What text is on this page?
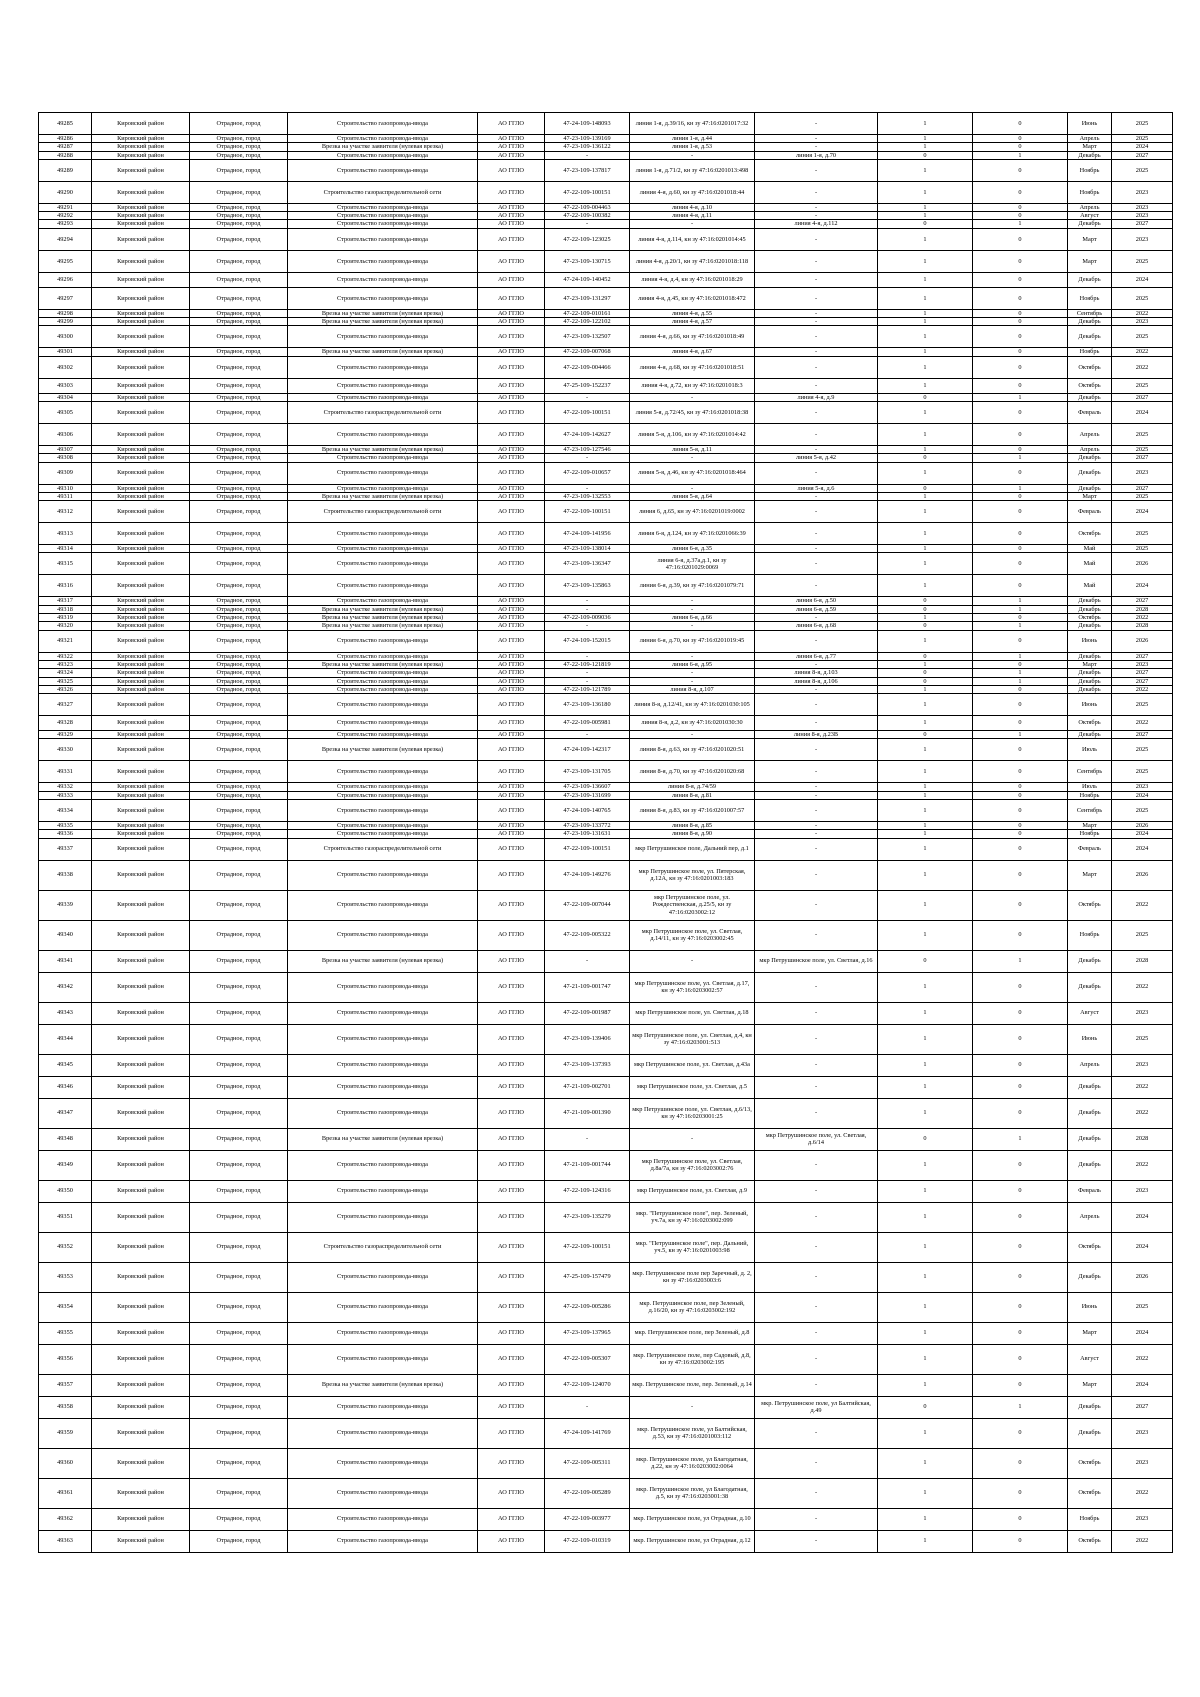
49285	Кировский район	Отрадное, город	Строительство газопровода-ввода	АО ГГЛО	47-24-109-148093	линия 1-я, д.39/16, кн зу 47:16:0201017:32	-	1	0	Июнь	2025
49286	Кировский район	Отрадное, город	Строительство газопровода-ввода	АО ГГЛО	47-23-109-139169	линия 1-я, д.44	-	1	0	Апрель	2025
49287	Кировский район	Отрадное, город	Врезка на участке заявителя (нулевая врезка)	АО ГГЛО	47-23-109-136122	линия 1-я, д.53	-	1	0	Март	2024
49288	Кировский район	Отрадное, город	Строительство газопровода-ввода	АО ГГЛО	-	-	линия 1-я, д.70	0	1	Декабрь	2027
49289	Кировский район	Отрадное, город	Строительство газопровода-ввода	АО ГГЛО	47-23-109-137817	линия 1-я, д.71/2, кн зу 47:16:0201013:498	-	1	0	Ноябрь	2025
49290	Кировский район	Отрадное, город	Строительство газораспределительной сети	АО ГГЛО	47-22-109-100151	линия 4-я, д.60, кн зу 47:16:0201018:44	-	1	0	Ноябрь	2023
49291	Кировский район	Отрадное, город	Строительство газопровода-ввода	АО ГГЛО	47-22-109-004463	линия 4-я, д.10	-	1	0	Апрель	2023
49292	Кировский район	Отрадное, город	Строительство газопровода-ввода	АО ГГЛО	47-22-109-100382	линия 4-я, д.11	-	1	0	Август	2023
49293	Кировский район	Отрадное, город	Строительство газопровода-ввода	АО ГГЛО	-	-	линия 4-я, д.112	0	1	Декабрь	2027
49294	Кировский район	Отрадное, город	Строительство газопровода-ввода	АО ГГЛО	47-22-109-123025	линия 4-я, д.114, кн зу 47:16:0201014:45	-	1	0	Март	2023
49295	Кировский район	Отрадное, город	Строительство газопровода-ввода	АО ГГЛО	47-23-109-130715	линия 4-я, д.20/1, кн зу 47:16:0201018:118	-	1	0	Март	2025
49296	Кировский район	Отрадное, город	Строительство газопровода-ввода	АО ГГЛО	47-24-109-140452	линия 4-я, д.4, кн зу 47:16:0201018:29	-	1	0	Декабрь	2024
49297	Кировский район	Отрадное, город	Строительство газопровода-ввода	АО ГГЛО	47-23-109-131297	линия 4-я, д.45, кн зу 47:16:0201018:472	-	1	0	Ноябрь	2025
49298	Кировский район	Отрадное, город	Врезка на участке заявителя (нулевая врезка)	АО ГГЛО	47-22-109-010161	линия 4-я, д.55	-	1	0	Сентябрь	2022
49299	Кировский район	Отрадное, город	Врезка на участке заявителя (нулевая врезка)	АО ГГЛО	47-22-109-122102	линия 4-я, д.57	-	1	0	Декабрь	2023
49300	Кировский район	Отрадное, город	Строительство газопровода-ввода	АО ГГЛО	47-23-109-132507	линия 4-я, д.66, кн зу 47:16:0201018:49	-	1	0	Декабрь	2025
49301	Кировский район	Отрадное, город	Врезка на участке заявителя (нулевая врезка)	АО ГГЛО	47-22-109-007068	линия 4-я, д.67	-	1	0	Ноябрь	2022
49302	Кировский район	Отрадное, город	Строительство газопровода-ввода	АО ГГЛО	47-22-109-004466	линия 4-я, д.68, кн зу 47:16:0201018:51	-	1	0	Октябрь	2022
49303	Кировский район	Отрадное, город	Строительство газопровода-ввода	АО ГГЛО	47-25-109-152237	линия 4-я, д.72, кн зу 47:16:0201018:3	-	1	0	Октябрь	2025
49304	Кировский район	Отрадное, город	Строительство газопровода-ввода	АО ГГЛО	-	-	линия 4-я, д.9	0	1	Декабрь	2027
49305	Кировский район	Отрадное, город	Строительство газораспределительной сети	АО ГГЛО	47-22-109-100151	линия 5-я, д.72/45, кн зу 47:16:0201018:38	-	1	0	Февраль	2024
49306	Кировский район	Отрадное, город	Строительство газопровода-ввода	АО ГГЛО	47-24-109-142627	линия 5-я, д.106, кн зу 47:16:0201014:42	-	1	0	Апрель	2025
49307	Кировский район	Отрадное, город	Врезка на участке заявителя (нулевая врезка)	АО ГГЛО	47-23-109-127546	линия 5-я, д.11	-	1	0	Апрель	2025
49308	Кировский район	Отрадное, город	Строительство газопровода-ввода	АО ГГЛО	-	-	линия 5-я, д.42	0	1	Декабрь	2027
49309	Кировский район	Отрадное, город	Строительство газопровода-ввода	АО ГГЛО	47-22-109-010657	линия 5-я, д.46, кн зу 47:16:0201018:464	-	1	0	Декабрь	2023
49310	Кировский район	Отрадное, город	Строительство газопровода-ввода	АО ГГЛО	-	-	линия 5-я, д.6	0	1	Декабрь	2027
49311	Кировский район	Отрадное, город	Врезка на участке заявителя (нулевая врезка)	АО ГГЛО	47-23-109-132553	линия 5-я, д.64	-	1	0	Март	2025
49312	Кировский район	Отрадное, город	Строительство газораспределительной сети	АО ГГЛО	47-22-109-100151	линия 6, д.65, кн зу 47:16:0201019:0002	-	1	0	Февраль	2024
49313	Кировский район	Отрадное, город	Строительство газопровода-ввода	АО ГГЛО	47-24-109-141956	линия 6-я, д.124, кн зу 47:16:0201066:39	-	1	0	Октябрь	2025
49314	Кировский район	Отрадное, город	Строительство газопровода-ввода	АО ГГЛО	47-23-109-138014	линия 6-я, д.35	-	1	0	Май	2025
49315	Кировский район	Отрадное, город	Строительство газопровода-ввода	АО ГГЛО	47-23-109-136347	линия 6-я, д.37а,д.1, кн зу 47:16:0201029:0069	-	1	0	Май	2026
49316	Кировский район	Отрадное, город	Строительство газопровода-ввода	АО ГГЛО	47-23-109-135863	линия 6-я, д.39, кн зу 47:16:0201079:71	-	1	0	Май	2024
49317	Кировский район	Отрадное, город	Строительство газопровода-ввода	АО ГГЛО	-	-	линия 6-я, д.50	0	1	Декабрь	2027
49318	Кировский район	Отрадное, город	Врезка на участке заявителя (нулевая врезка)	АО ГГЛО	-	-	линия 6-я, д.59	0	1	Декабрь	2028
49319	Кировский район	Отрадное, город	Врезка на участке заявителя (нулевая врезка)	АО ГГЛО	47-22-109-009036	линия 6-я, д.66	-	1	0	Октябрь	2022
49320	Кировский район	Отрадное, город	Врезка на участке заявителя (нулевая врезка)	АО ГГЛО	-	-	линия 6-я, д.68	0	1	Декабрь	2028
49321	Кировский район	Отрадное, город	Строительство газопровода-ввода	АО ГГЛО	47-24-109-152015	линия 6-я, д.70, кн зу 47:16:0201019:45	-	1	0	Июнь	2026
49322	Кировский район	Отрадное, город	Строительство газопровода-ввода	АО ГГЛО	-	-	линия 6-я, д.77	0	1	Декабрь	2027
49323	Кировский район	Отрадное, город	Врезка на участке заявителя (нулевая врезка)	АО ГГЛО	47-22-109-121819	линия 6-я, д.95	-	1	0	Март	2023
49324	Кировский район	Отрадное, город	Строительство газопровода-ввода	АО ГГЛО	-	-	линия 8-я, д.103	0	1	Декабрь	2027
49325	Кировский район	Отрадное, город	Строительство газопровода-ввода	АО ГГЛО	-	-	линия 8-я, д.106	0	1	Декабрь	2027
49326	Кировский район	Отрадное, город	Строительство газопровода-ввода	АО ГГЛО	47-22-109-121789	линия 8-я, д.107	-	1	0	Декабрь	2022
49327	Кировский район	Отрадное, город	Строительство газопровода-ввода	АО ГГЛО	47-23-109-136180	линия 8-я, д.12/41, кн зу 47:16:0201030:105	-	1	0	Июнь	2025
49328	Кировский район	Отрадное, город	Строительство газопровода-ввода	АО ГГЛО	47-22-109-005981	линия 8-я, д.2, кн зу 47:16:0201030:30	-	1	0	Октябрь	2022
49329	Кировский район	Отрадное, город	Строительство газопровода-ввода	АО ГГЛО	-	-	линия 8-я, д.23В	0	1	Декабрь	2027
49330	Кировский район	Отрадное, город	Врезка на участке заявителя (нулевая врезка)	АО ГГЛО	47-24-109-142317	линия 8-я, д.63, кн зу 47:16:0201020:51	-	1	0	Июль	2025
49331	Кировский район	Отрадное, город	Строительство газопровода-ввода	АО ГГЛО	47-23-109-131705	линия 8-я, д.70, кн зу 47:16:0201020:68	-	1	0	Сентябрь	2025
49332	Кировский район	Отрадное, город	Строительство газопровода-ввода	АО ГГЛО	47-23-109-136607	линия 8-я, д.74/59	-	1	0	Июль	2023
49333	Кировский район	Отрадное, город	Строительство газопровода-ввода	АО ГГЛО	47-23-109-131699	линия 8-я, д.81	-	1	0	Ноябрь	2024
49334	Кировский район	Отрадное, город	Строительство газопровода-ввода	АО ГГЛО	47-24-109-140765	линия 8-я, д.83, кн зу 47:16:0201007:57	-	1	0	Сентябрь	2025
49335	Кировский район	Отрадное, город	Строительство газопровода-ввода	АО ГГЛО	47-23-109-133772	линия 8-я, д.85	-	1	0	Март	2026
49336	Кировский район	Отрадное, город	Строительство газопровода-ввода	АО ГГЛО	47-23-109-131631	линия 8-я, д.90	-	1	0	Ноябрь	2024
49337	Кировский район	Отрадное, город	Строительство газораспределительной сети	АО ГГЛО	47-22-109-100151	мкр Петрушинское поле, Дальний пер, д.1	-	1	0	Февраль	2024
49338	Кировский район	Отрадное, город	Строительство газопровода-ввода	АО ГГЛО	47-24-109-149276	мкр Петрушинское поле, ул. Пятерская, д.12А, кн зу 47:16:0201003:183	-	1	0	Март	2026
49339	Кировский район	Отрадное, город	Строительство газопровода-ввода	АО ГГЛО	47-22-109-007044	мкр Петрушинское поле, ул. Рождественская, д.25/5, кн зу 47:16:0203002:12	-	1	0	Октябрь	2022
49340	Кировский район	Отрадное, город	Строительство газопровода-ввода	АО ГГЛО	47-22-109-005322	мкр Петрушинское поле, ул. Светлая, д.14/11, кн зу 47:16:0203002:45	-	1	0	Ноябрь	2025
49341	Кировский район	Отрадное, город	Врезка на участке заявителя (нулевая врезка)	АО ГГЛО	-	-	мкр Петрушинское поле, ул. Светлая, д.16	0	1	Декабрь	2028
49342	Кировский район	Отрадное, город	Строительство газопровода-ввода	АО ГГЛО	47-21-109-001747	мкр Петрушинское поле, ул. Светлая, д.17, кн зу 47:16:0203002:57	-	1	0	Декабрь	2022
49343	Кировский район	Отрадное, город	Строительство газопровода-ввода	АО ГГЛО	47-22-109-001987	мкр Петрушинское поле, ул. Светлая, д.18	-	1	0	Август	2023
49344	Кировский район	Отрадное, город	Строительство газопровода-ввода	АО ГГЛО	47-23-109-139406	мкр Петрушинское поле, ул. Светлая, д.4, кн зу 47:16:0203001:513	-	1	0	Июнь	2025
49345	Кировский район	Отрадное, город	Строительство газопровода-ввода	АО ГГЛО	47-23-109-137393	мкр Петрушинское поле, ул. Светлая, д.43а	-	1	0	Апрель	2023
49346	Кировский район	Отрадное, город	Строительство газопровода-ввода	АО ГГЛО	47-21-109-002701	мкр Петрушинское поле, ул. Светлая, д.5	-	1	0	Декабрь	2022
49347	Кировский район	Отрадное, город	Строительство газопровода-ввода	АО ГГЛО	47-21-109-001390	мкр Петрушинское поле, ул. Светлая, д.6/13, кн зу 47:16:0203001:25	-	1	0	Декабрь	2022
49348	Кировский район	Отрадное, город	Врезка на участке заявителя (нулевая врезка)	АО ГГЛО	-	-	мкр Петрушинское поле, ул. Светлая, д.6/14	0	1	Декабрь	2028
49349	Кировский район	Отрадное, город	Строительство газопровода-ввода	АО ГГЛО	47-21-109-001744	мкр Петрушинское поле, ул. Светлая, д.8а/7а, кн зу 47:16:0203002:76	-	1	0	Декабрь	2022
49350	Кировский район	Отрадное, город	Строительство газопровода-ввода	АО ГГЛО	47-22-109-124316	мкр Петрушинское поле, ул. Светлая, д.9	-	1	0	Февраль	2023
49351	Кировский район	Отрадное, город	Строительство газопровода-ввода	АО ГГЛО	47-23-109-135279	мкр. "Петрушинское поле", пер. Зеленый, уч.7а, кн зу 47:16:0203002:099	-	1	0	Апрель	2024
49352	Кировский район	Отрадное, город	Строительство газораспределительной сети	АО ГГЛО	47-22-109-100151	мкр. "Петрушинское поле", пер. Дальний, уч.5, кн зу 47:16:0201003:98	-	1	0	Октябрь	2024
49353	Кировский район	Отрадное, город	Строительство газопровода-ввода	АО ГГЛО	47-25-109-157479	мкр. Петрушинское поле пер Заречный, д. 2, кн зу 47:16:0203003:6	-	1	0	Декабрь	2026
49354	Кировский район	Отрадное, город	Строительство газопровода-ввода	АО ГГЛО	47-22-109-005286	мкр. Петрушинское поле, пер Зеленый, д.16/20, кн зу 47:16:0203002:192	-	1	0	Июнь	2025
49355	Кировский район	Отрадное, город	Строительство газопровода-ввода	АО ГГЛО	47-23-109-137965	мкр. Петрушинское поле, пер Зеленый, д.8	-	1	0	Март	2024
49356	Кировский район	Отрадное, город	Строительство газопровода-ввода	АО ГГЛО	47-22-109-005307	мкр. Петрушинское поле, пер Садовый, д.8, кн зу 47:16:0203002:195	-	1	0	Август	2022
49357	Кировский район	Отрадное, город	Врезка на участке заявителя (нулевая врезка)	АО ГГЛО	47-22-109-124070	мкр. Петрушинское поле, пер. Зеленый, д.14	-	1	0	Март	2024
49358	Кировский район	Отрадное, город	Строительство газопровода-ввода	АО ГГЛО	-	-	мкр. Петрушинское поле, ул Балтийская, д.49	0	1	Декабрь	2027
49359	Кировский район	Отрадное, город	Строительство газопровода-ввода	АО ГГЛО	47-24-109-141769	мкр. Петрушинское поле, ул Балтийская, д.53, кн зу 47:16:0201003:112	-	1	0	Декабрь	2023
49360	Кировский район	Отрадное, город	Строительство газопровода-ввода	АО ГГЛО	47-22-109-005311	мкр. Петрушинское поле, ул Благодатная, д.22, кн зу 47:16:0203002:0064	-	1	0	Октябрь	2023
49361	Кировский район	Отрадное, город	Строительство газопровода-ввода	АО ГГЛО	47-22-109-005289	мкр. Петрушинское поле, ул Благодатная, д.5, кн зу 47:16:0203001:38	-	1	0	Октябрь	2022
49362	Кировский район	Отрадное, город	Строительство газопровода-ввода	АО ГГЛО	47-22-109-003977	мкр. Петрушинское поле, ул Отрадная, д.10	-	1	0	Ноябрь	2023
49363	Кировский район	Отрадное, город	Строительство газопровода-ввода	АО ГГЛО	47-22-109-010319	мкр. Петрушинское поле, ул Отрадная, д.12	-	1	0	Октябрь	2022
